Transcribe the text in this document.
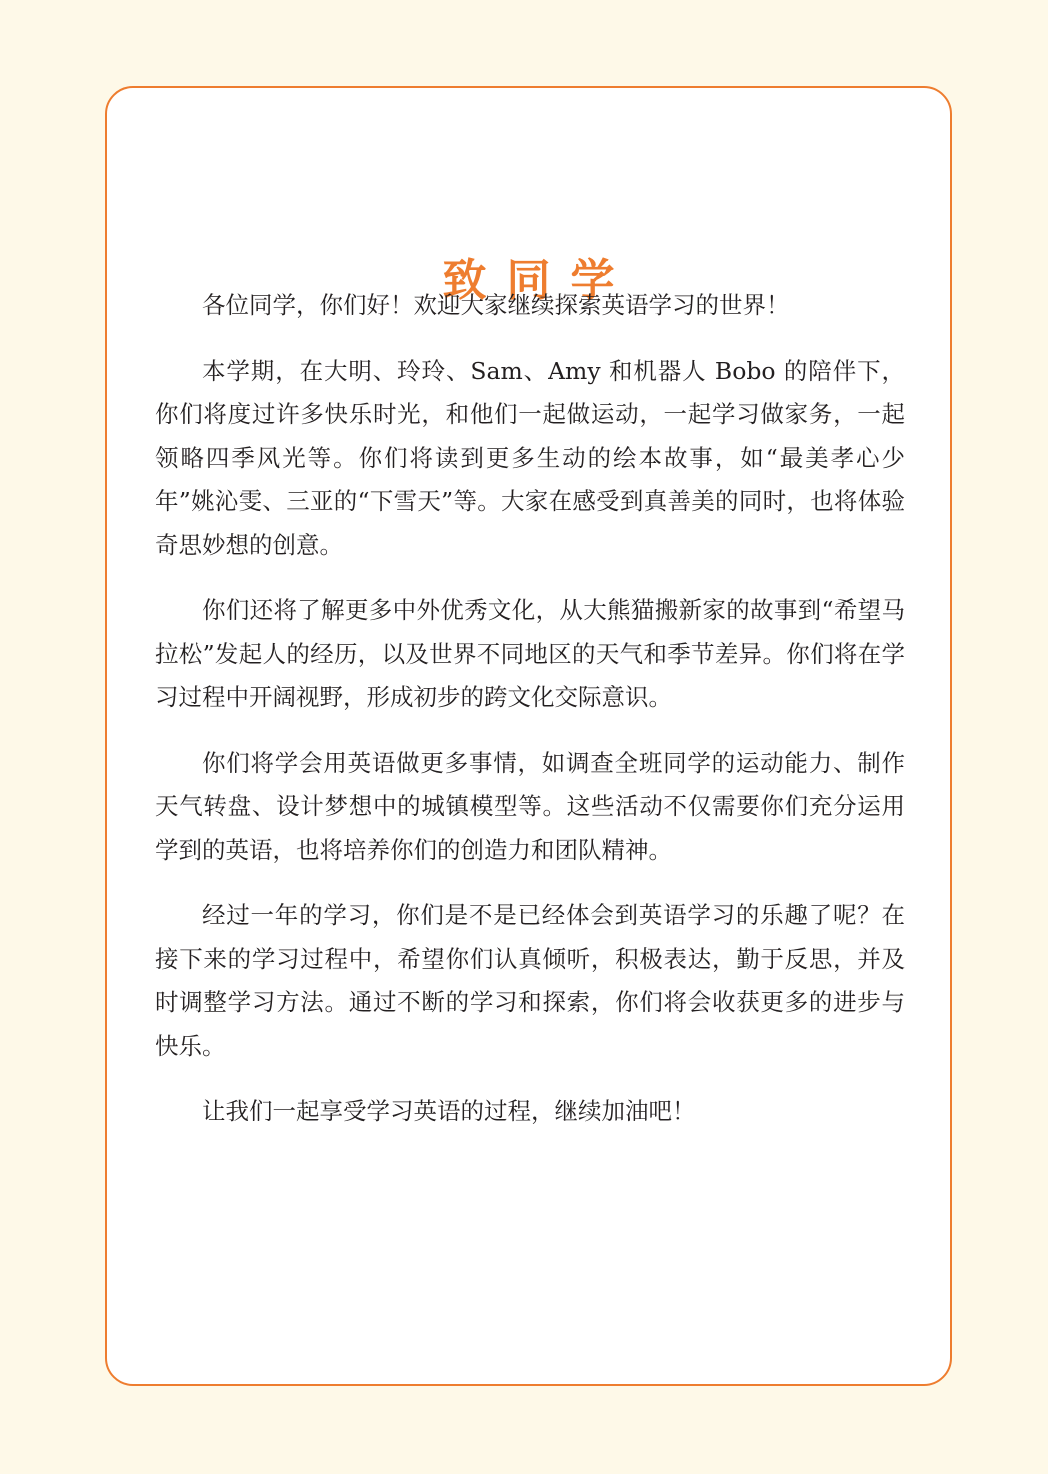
致同学

各位同学，你们好！欢迎大家继续探索英语学习的世界！

本学期，在大明、玲玲、Sam、Amy 和机器人 Bobo 的陪伴下，你们将度过许多快乐时光，和他们一起做运动，一起学习做家务，一起领略四季风光等。你们将读到更多生动的绘本故事，如“最美孝心少年”姚沁雯、三亚的“下雪天”等。大家在感受到真善美的同时，也将体验奇思妙想的创意。

你们还将了解更多中外优秀文化，从大熊猫搬新家的故事到“希望马拉松”发起人的经历，以及世界不同地区的天气和季节差异。你们将在学习过程中开阔视野，形成初步的跨文化交际意识。

你们将学会用英语做更多事情，如调查全班同学的运动能力、制作天气转盘、设计梦想中的城镇模型等。这些活动不仅需要你们充分运用学到的英语，也将培养你们的创造力和团队精神。

经过一年的学习，你们是不是已经体会到英语学习的乐趣了呢？在接下来的学习过程中，希望你们认真倾听，积极表达，勤于反思，并及时调整学习方法。通过不断的学习和探索，你们将会收获更多的进步与快乐。

让我们一起享受学习英语的过程，继续加油吧！
